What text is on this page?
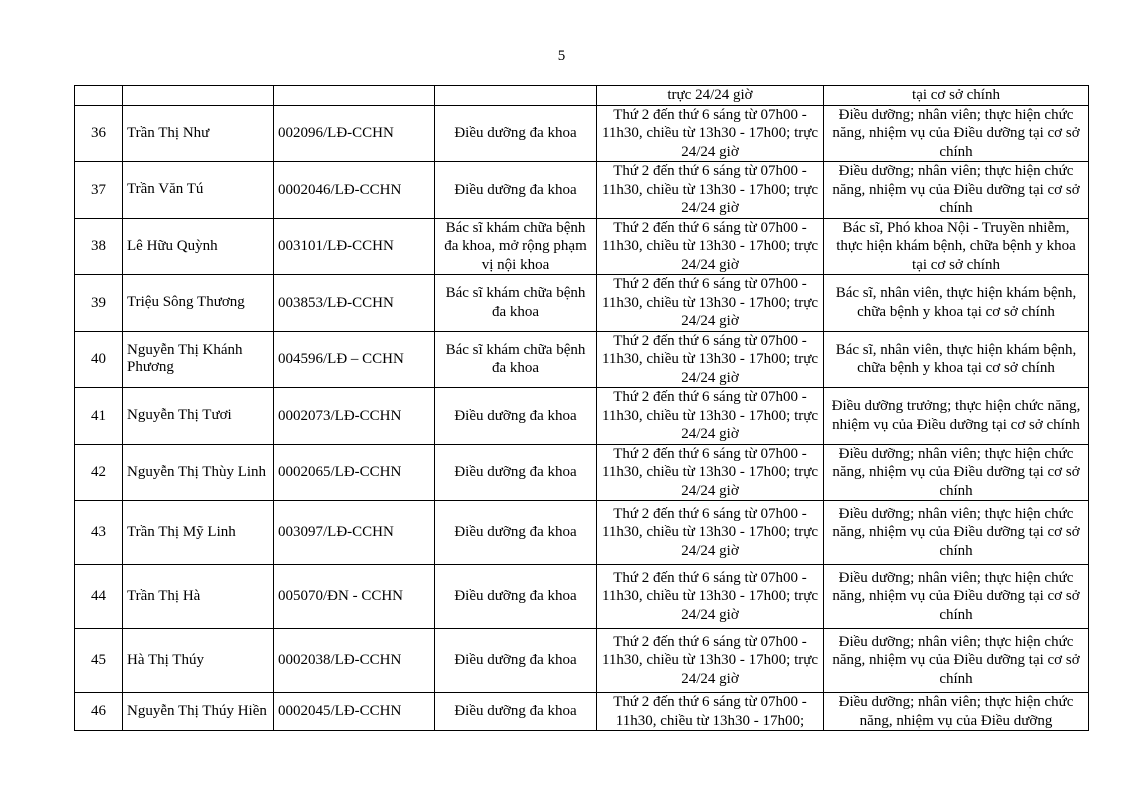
5
				trực 24/24 giờ	tại cơ sở chính
36	Trần Thị Như	002096/LĐ-CCHN	Điều dưỡng đa khoa	Thứ 2 đến thứ 6 sáng từ 07h00 - 11h30, chiều từ 13h30 - 17h00; trực 24/24 giờ	Điều dưỡng; nhân viên; thực hiện chức năng, nhiệm vụ của Điều dưỡng tại cơ sở chính
37	Trần Văn Tú	0002046/LĐ-CCHN	Điều dưỡng đa khoa	Thứ 2 đến thứ 6 sáng từ 07h00 - 11h30, chiều từ 13h30 - 17h00; trực 24/24 giờ	Điều dưỡng; nhân viên; thực hiện chức năng, nhiệm vụ của Điều dưỡng tại cơ sở chính
38	Lê Hữu Quỳnh	003101/LĐ-CCHN	Bác sĩ khám chữa bệnh đa khoa, mở rộng phạm vị nội khoa	Thứ 2 đến thứ 6 sáng từ 07h00 - 11h30, chiều từ 13h30 - 17h00; trực 24/24 giờ	Bác sĩ, Phó khoa Nội - Truyền nhiễm, thực hiện khám bệnh, chữa bệnh y khoa tại cơ sở chính
39	Triệu Sông Thương	003853/LĐ-CCHN	Bác sĩ khám chữa bệnh đa khoa	Thứ 2 đến thứ 6 sáng từ 07h00 - 11h30, chiều từ 13h30 - 17h00; trực 24/24 giờ	Bác sĩ, nhân viên, thực hiện khám bệnh, chữa bệnh y khoa tại cơ sở chính
40	Nguyễn Thị Khánh Phương	004596/LĐ – CCHN	Bác sĩ khám chữa bệnh đa khoa	Thứ 2 đến thứ 6 sáng từ 07h00 - 11h30, chiều từ 13h30 - 17h00; trực 24/24 giờ	Bác sĩ, nhân viên, thực hiện khám bệnh, chữa bệnh y khoa tại cơ sở chính
41	Nguyễn Thị Tươi	0002073/LĐ-CCHN	Điều dưỡng đa khoa	Thứ 2 đến thứ 6 sáng từ 07h00 - 11h30, chiều từ 13h30 - 17h00; trực 24/24 giờ	Điều dưỡng trưởng; thực hiện chức năng, nhiệm vụ của Điều dưỡng tại cơ sở chính
42	Nguyễn Thị Thùy Linh	0002065/LĐ-CCHN	Điều dưỡng đa khoa	Thứ 2 đến thứ 6 sáng từ 07h00 - 11h30, chiều từ 13h30 - 17h00; trực 24/24 giờ	Điều dưỡng; nhân viên; thực hiện chức năng, nhiệm vụ của Điều dưỡng tại cơ sở chính
43	Trần Thị Mỹ Linh	003097/LĐ-CCHN	Điều dưỡng đa khoa	Thứ 2 đến thứ 6 sáng từ 07h00 - 11h30, chiều từ 13h30 - 17h00; trực 24/24 giờ	Điều dưỡng; nhân viên; thực hiện chức năng, nhiệm vụ của Điều dưỡng tại cơ sở chính
44	Trần Thị Hà	005070/ĐN - CCHN	Điều dưỡng đa khoa	Thứ 2 đến thứ 6 sáng từ 07h00 - 11h30, chiều từ 13h30 - 17h00; trực 24/24 giờ	Điều dưỡng; nhân viên; thực hiện chức năng, nhiệm vụ của Điều dưỡng tại cơ sở chính
45	Hà Thị Thúy	0002038/LĐ-CCHN	Điều dưỡng đa khoa	Thứ 2 đến thứ 6 sáng từ 07h00 - 11h30, chiều từ 13h30 - 17h00; trực 24/24 giờ	Điều dưỡng; nhân viên; thực hiện chức năng, nhiệm vụ của Điều dưỡng tại cơ sở chính
46	Nguyễn Thị Thúy Hiền	0002045/LĐ-CCHN	Điều dưỡng đa khoa	Thứ 2 đến thứ 6 sáng từ 07h00 - 11h30, chiều từ 13h30 - 17h00;	Điều dưỡng; nhân viên; thực hiện chức năng, nhiệm vụ của Điều dưỡng
